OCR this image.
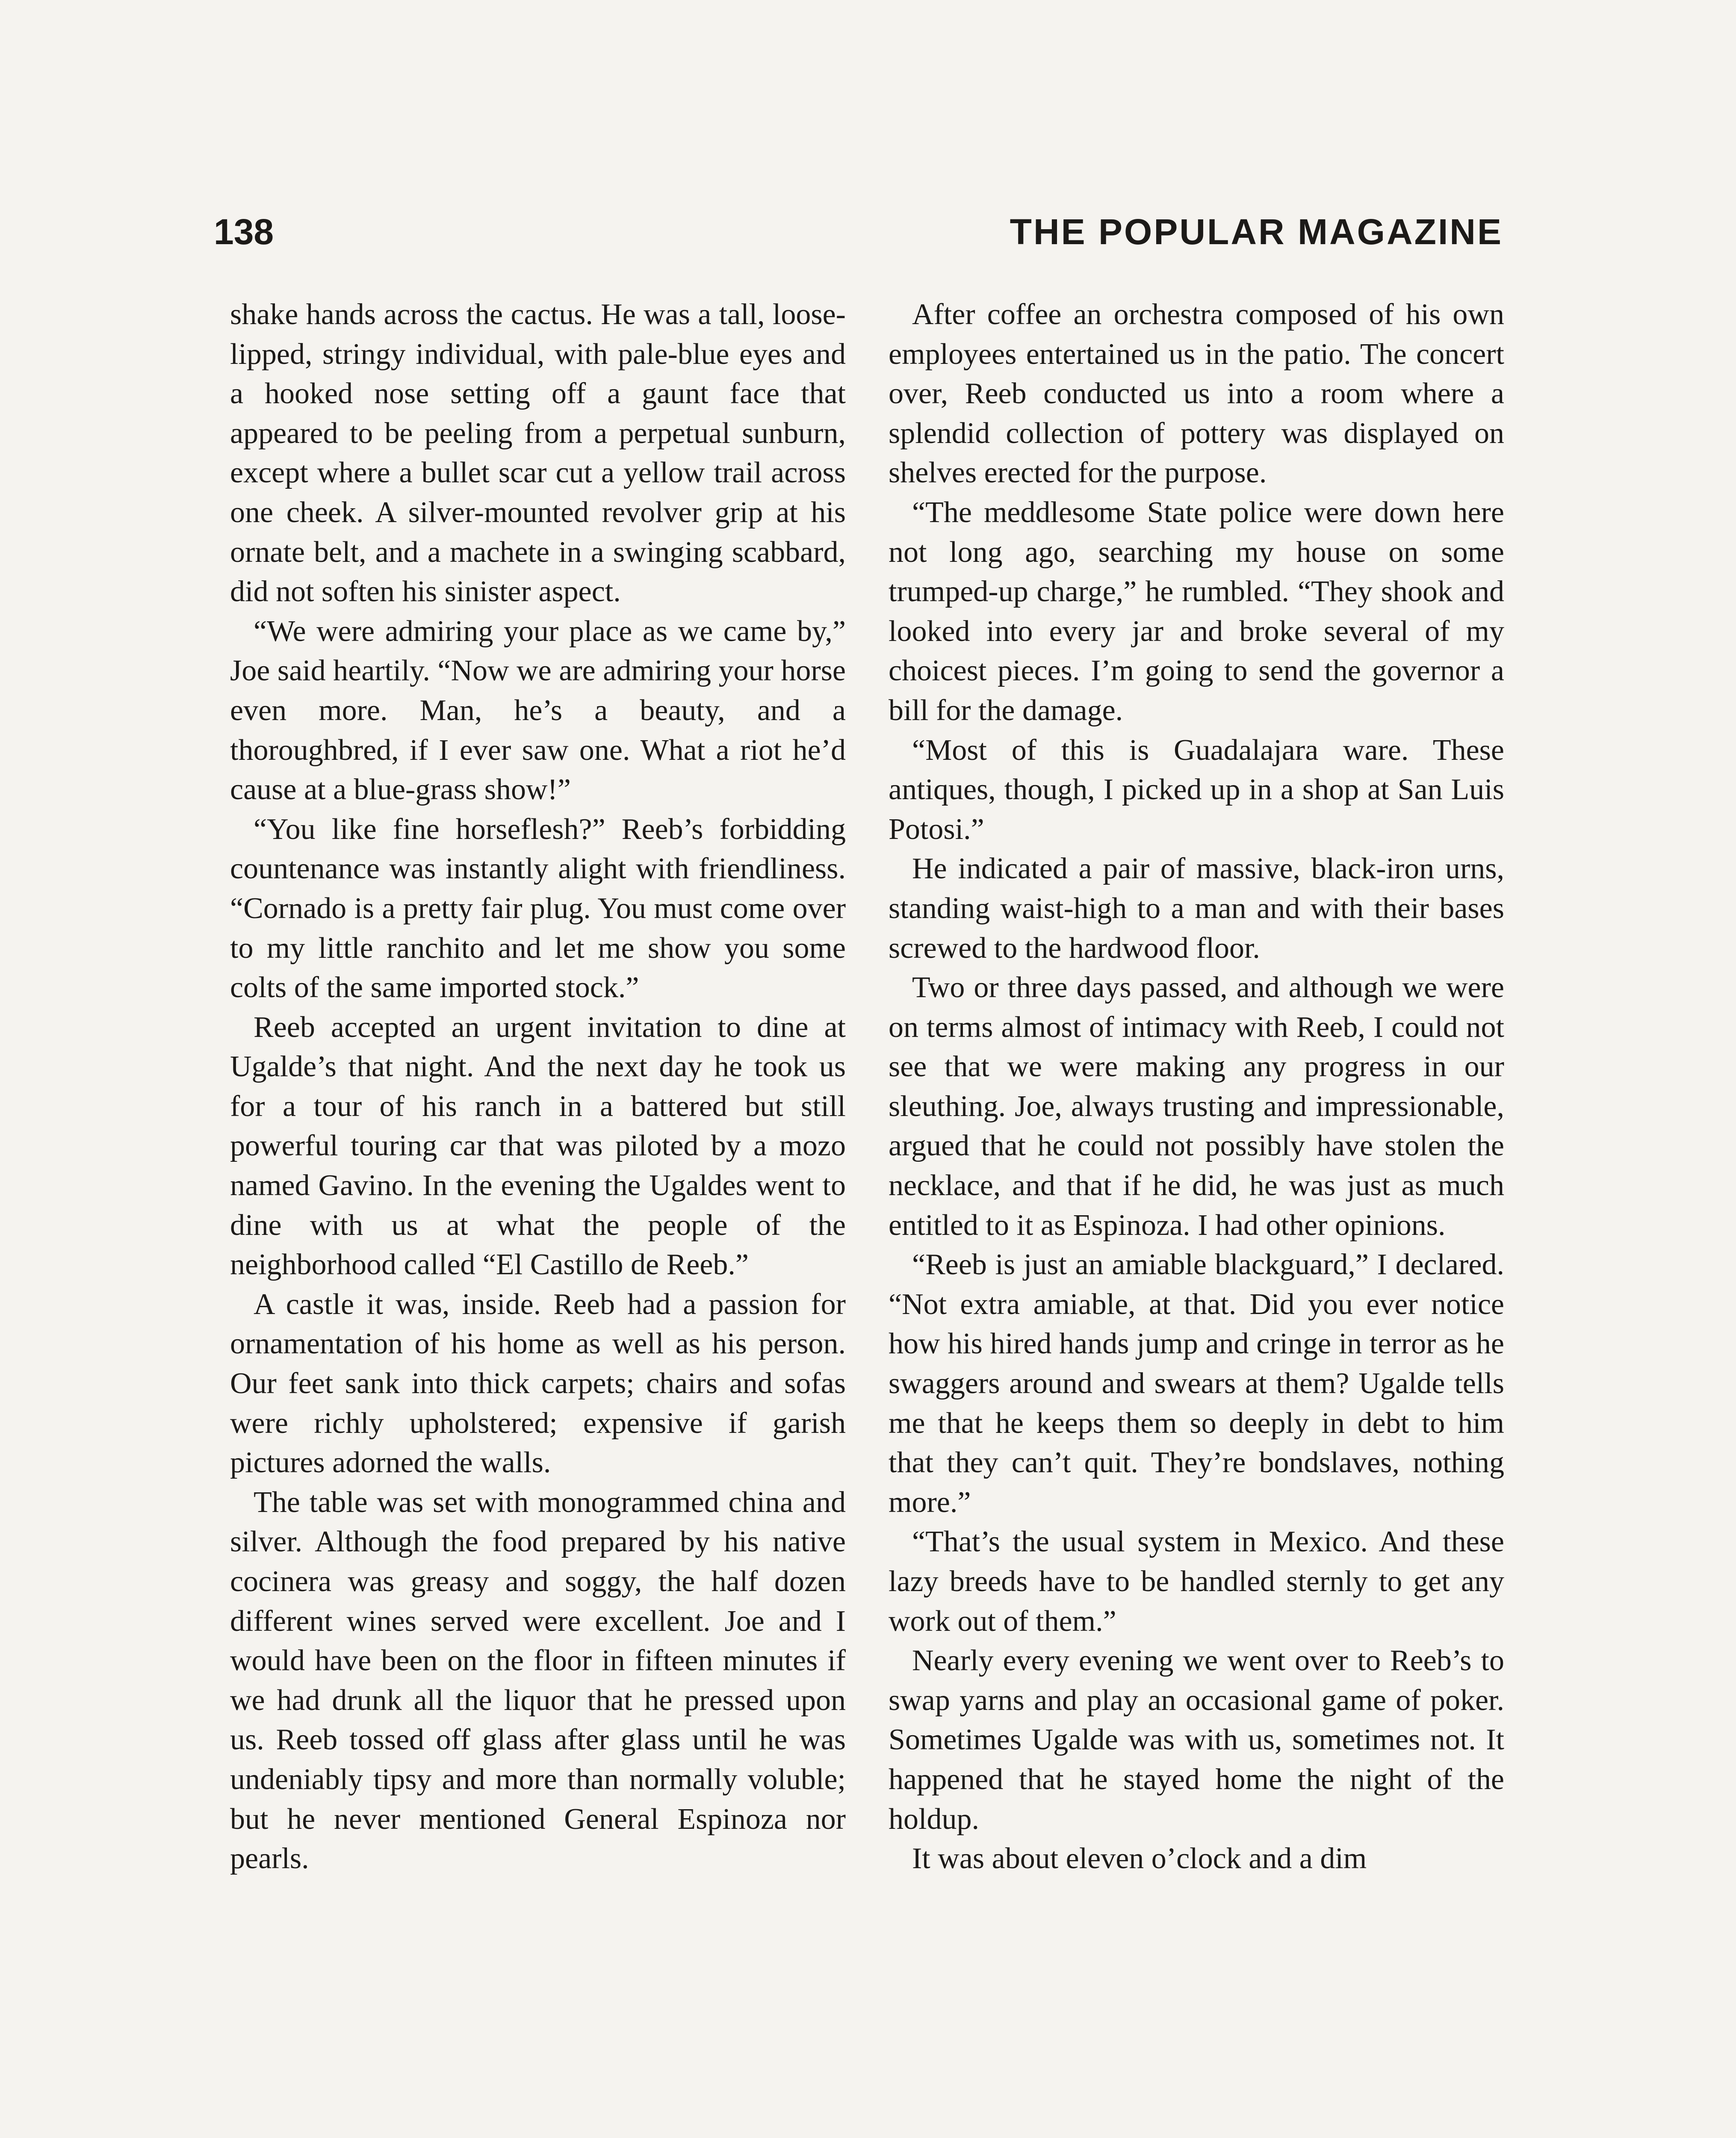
138	THE POPULAR MAGAZINE

shake hands across the cactus. He was a tall, loose-lipped, stringy individual, with pale-blue eyes and a hooked nose setting off a gaunt face that appeared to be peeling from a perpetual sunburn, except where a bullet scar cut a yellow trail across one cheek. A silver-mounted revolver grip at his ornate belt, and a machete in a swinging scabbard, did not soften his sinister aspect.

“We were admiring your place as we came by,” Joe said heartily. “Now we are admiring your horse even more. Man, he’s a beauty, and a thoroughbred, if I ever saw one. What a riot he’d cause at a blue-grass show!”

“You like fine horseflesh?” Reeb’s forbidding countenance was instantly alight with friendliness. “Cornado is a pretty fair plug. You must come over to my little ranchito and let me show you some colts of the same imported stock.”

Reeb accepted an urgent invitation to dine at Ugalde’s that night. And the next day he took us for a tour of his ranch in a battered but still powerful touring car that was piloted by a mozo named Gavino. In the evening the Ugaldes went to dine with us at what the people of the neighborhood called “El Castillo de Reeb.”

A castle it was, inside. Reeb had a passion for ornamentation of his home as well as his person. Our feet sank into thick carpets; chairs and sofas were richly upholstered; expensive if garish pictures adorned the walls.

The table was set with monogrammed china and silver. Although the food prepared by his native cocinera was greasy and soggy, the half dozen different wines served were excellent. Joe and I would have been on the floor in fifteen minutes if we had drunk all the liquor that he pressed upon us. Reeb tossed off glass after glass until he was undeniably tipsy and more than normally voluble; but he never mentioned General Espinoza nor pearls.

After coffee an orchestra composed of his own employees entertained us in the patio. The concert over, Reeb conducted us into a room where a splendid collection of pottery was displayed on shelves erected for the purpose.

“The meddlesome State police were down here not long ago, searching my house on some trumped-up charge,” he rumbled. “They shook and looked into every jar and broke several of my choicest pieces. I’m going to send the governor a bill for the damage.

“Most of this is Guadalajara ware. These antiques, though, I picked up in a shop at San Luis Potosi.”

He indicated a pair of massive, black-iron urns, standing waist-high to a man and with their bases screwed to the hardwood floor.

Two or three days passed, and although we were on terms almost of intimacy with Reeb, I could not see that we were making any progress in our sleuthing. Joe, always trusting and impressionable, argued that he could not possibly have stolen the necklace, and that if he did, he was just as much entitled to it as Espinoza. I had other opinions.

“Reeb is just an amiable blackguard,” I declared. “Not extra amiable, at that. Did you ever notice how his hired hands jump and cringe in terror as he swaggers around and swears at them? Ugalde tells me that he keeps them so deeply in debt to him that they can’t quit. They’re bondslaves, nothing more.”

“That’s the usual system in Mexico. And these lazy breeds have to be handled sternly to get any work out of them.”

Nearly every evening we went over to Reeb’s to swap yarns and play an occasional game of poker. Sometimes Ugalde was with us, sometimes not. It happened that he stayed home the night of the holdup.

It was about eleven o’clock and a dim
